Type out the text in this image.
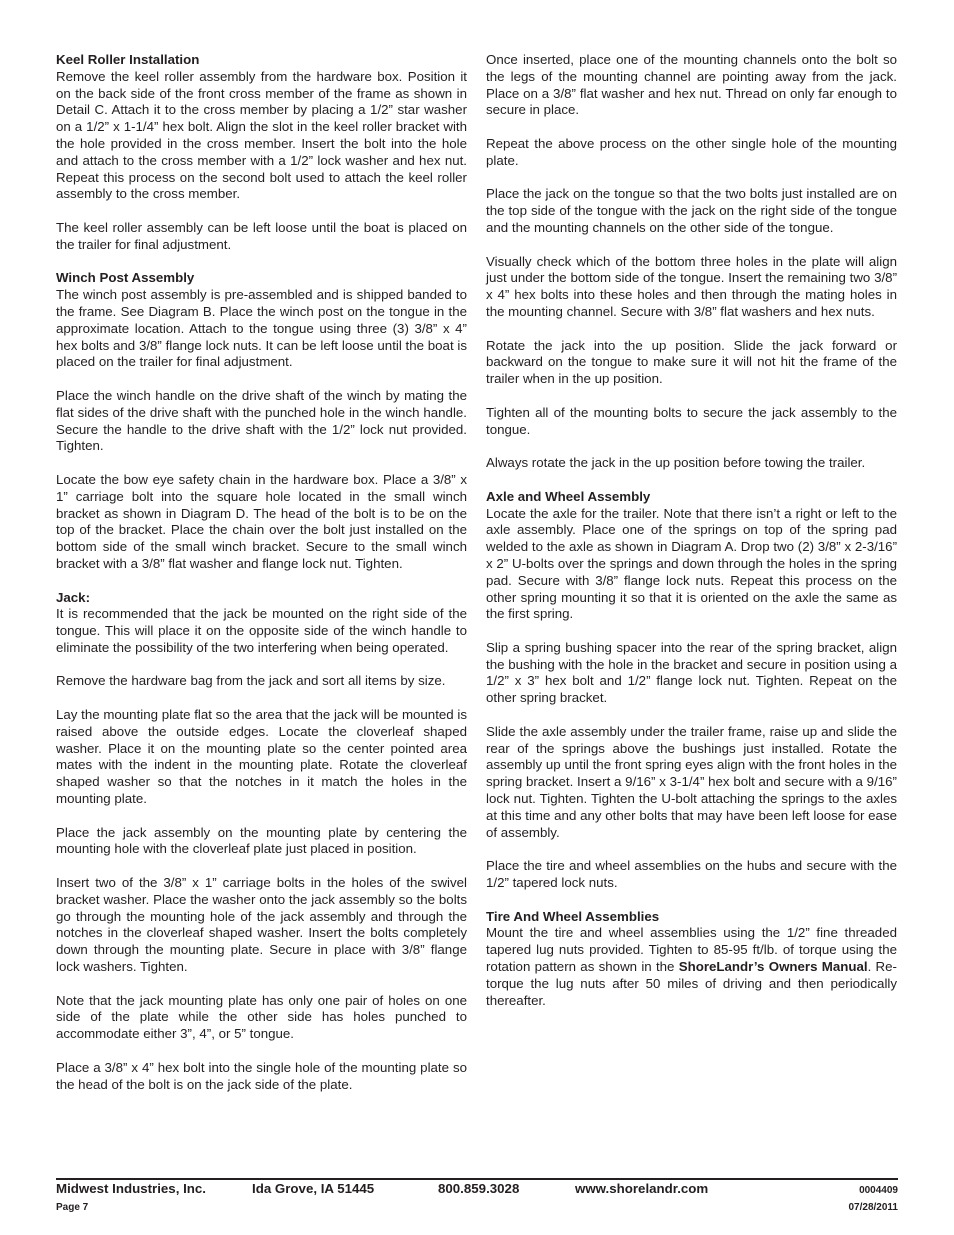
Keel Roller Installation

Remove the keel roller assembly from the hardware box. Position it on the back side of the front cross member of the frame as shown in Detail C. Attach it to the cross member by placing a 1/2” star washer on a 1/2” x 1-1/4” hex bolt. Align the slot in the keel roller bracket with the hole provided in the cross member. Insert the bolt into the hole and attach to the cross member with a 1/2” lock washer and hex nut. Repeat this process on the second bolt used to attach the keel roller assembly to the cross member.

The keel roller assembly can be left loose until the boat is placed on the trailer for final adjustment.

Winch Post Assembly

The winch post assembly is pre-assembled and is shipped banded to the frame. See Diagram B. Place the winch post on the tongue in the approximate location. Attach to the tongue using three (3) 3/8” x 4” hex bolts and 3/8” flange lock nuts. It can be left loose until the boat is placed on the trailer for final adjustment.

Place the winch handle on the drive shaft of the winch by mating the flat sides of the drive shaft with the punched hole in the winch handle. Secure the handle to the drive shaft with the 1/2” lock nut provided. Tighten.

Locate the bow eye safety chain in the hardware box. Place a 3/8” x 1” carriage bolt into the square hole located in the small winch bracket as shown in Diagram D. The head of the bolt is to be on the top of the bracket. Place the chain over the bolt just installed on the bottom side of the small winch bracket. Secure to the small winch bracket with a 3/8” flat washer and flange lock nut. Tighten.

Jack:

It is recommended that the jack be mounted on the right side of the tongue. This will place it on the opposite side of the winch handle to eliminate the possibility of the two interfering when being operated.

Remove the hardware bag from the jack and sort all items by size.

Lay the mounting plate flat so the area that the jack will be mounted is raised above the outside edges. Locate the cloverleaf shaped washer. Place it on the mounting plate so the center pointed area mates with the indent in the mounting plate. Rotate the cloverleaf shaped washer so that the notches in it match the holes in the mounting plate.

Place the jack assembly on the mounting plate by centering the mounting hole with the cloverleaf plate just placed in position.

Insert two of the 3/8” x 1” carriage bolts in the holes of the swivel bracket washer. Place the washer onto the jack assembly so the bolts go through the mounting hole of the jack assembly and through the notches in the cloverleaf shaped washer. Insert the bolts completely down through the mounting plate. Secure in place with 3/8” flange lock washers. Tighten.

Note that the jack mounting plate has only one pair of holes on one side of the plate while the other side has holes punched to accommodate either 3”, 4”, or 5” tongue.

Place a 3/8” x 4” hex bolt into the single hole of the mounting plate so the head of the bolt is on the jack side of the plate.

Once inserted, place one of the mounting channels onto the bolt so the legs of the mounting channel are pointing away from the jack. Place on a 3/8” flat washer and hex nut. Thread on only far enough to secure in place.

Repeat the above process on the other single hole of the mounting plate.

Place the jack on the tongue so that the two bolts just installed are on the top side of the tongue with the jack on the right side of the tongue and the mounting channels on the other side of the tongue.

Visually check which of the bottom three holes in the plate will align just under the bottom side of the tongue. Insert the remaining two 3/8” x 4” hex bolts into these holes and then through the mating holes in the mounting channel. Secure with 3/8” flat washers and hex nuts.

Rotate the jack into the up position. Slide the jack forward or backward on the tongue to make sure it will not hit the frame of the trailer when in the up position.

Tighten all of the mounting bolts to secure the jack assembly to the tongue.

Always rotate the jack in the up position before towing the trailer.

Axle and Wheel Assembly

Locate the axle for the trailer. Note that there isn’t a right or left to the axle assembly. Place one of the springs on top of the spring pad welded to the axle as shown in Diagram A. Drop two (2) 3/8” x 2-3/16” x 2” U-bolts over the springs and down through the holes in the spring pad. Secure with 3/8” flange lock nuts. Repeat this process on the other spring mounting it so that it is oriented on the axle the same as the first spring.

Slip a spring bushing spacer into the rear of the spring bracket, align the bushing with the hole in the bracket and secure in position using a 1/2” x 3” hex bolt and 1/2” flange lock nut. Tighten. Repeat on the other spring bracket.

Slide the axle assembly under the trailer frame, raise up and slide the rear of the springs above the bushings just installed. Rotate the assembly up until the front spring eyes align with the front holes in the spring bracket. Insert a 9/16” x 3-1/4” hex bolt and secure with a 9/16” lock nut. Tighten. Tighten the U-bolt attaching the springs to the axles at this time and any other bolts that may have been left loose for ease of assembly.

Place the tire and wheel assemblies on the hubs and secure with the 1/2” tapered lock nuts.

Tire And Wheel Assemblies

Mount the tire and wheel assemblies using the 1/2” fine threaded tapered lug nuts provided. Tighten to 85-95 ft/lb. of torque using the rotation pattern as shown in the ShoreLandr’s Owners Manual. Re-torque the lug nuts after 50 miles of driving and then periodically thereafter.

Midwest Industries, Inc.	Ida Grove, IA 51445	800.859.3028	www.shorelandr.com	0004409
Page 7	07/28/2011
